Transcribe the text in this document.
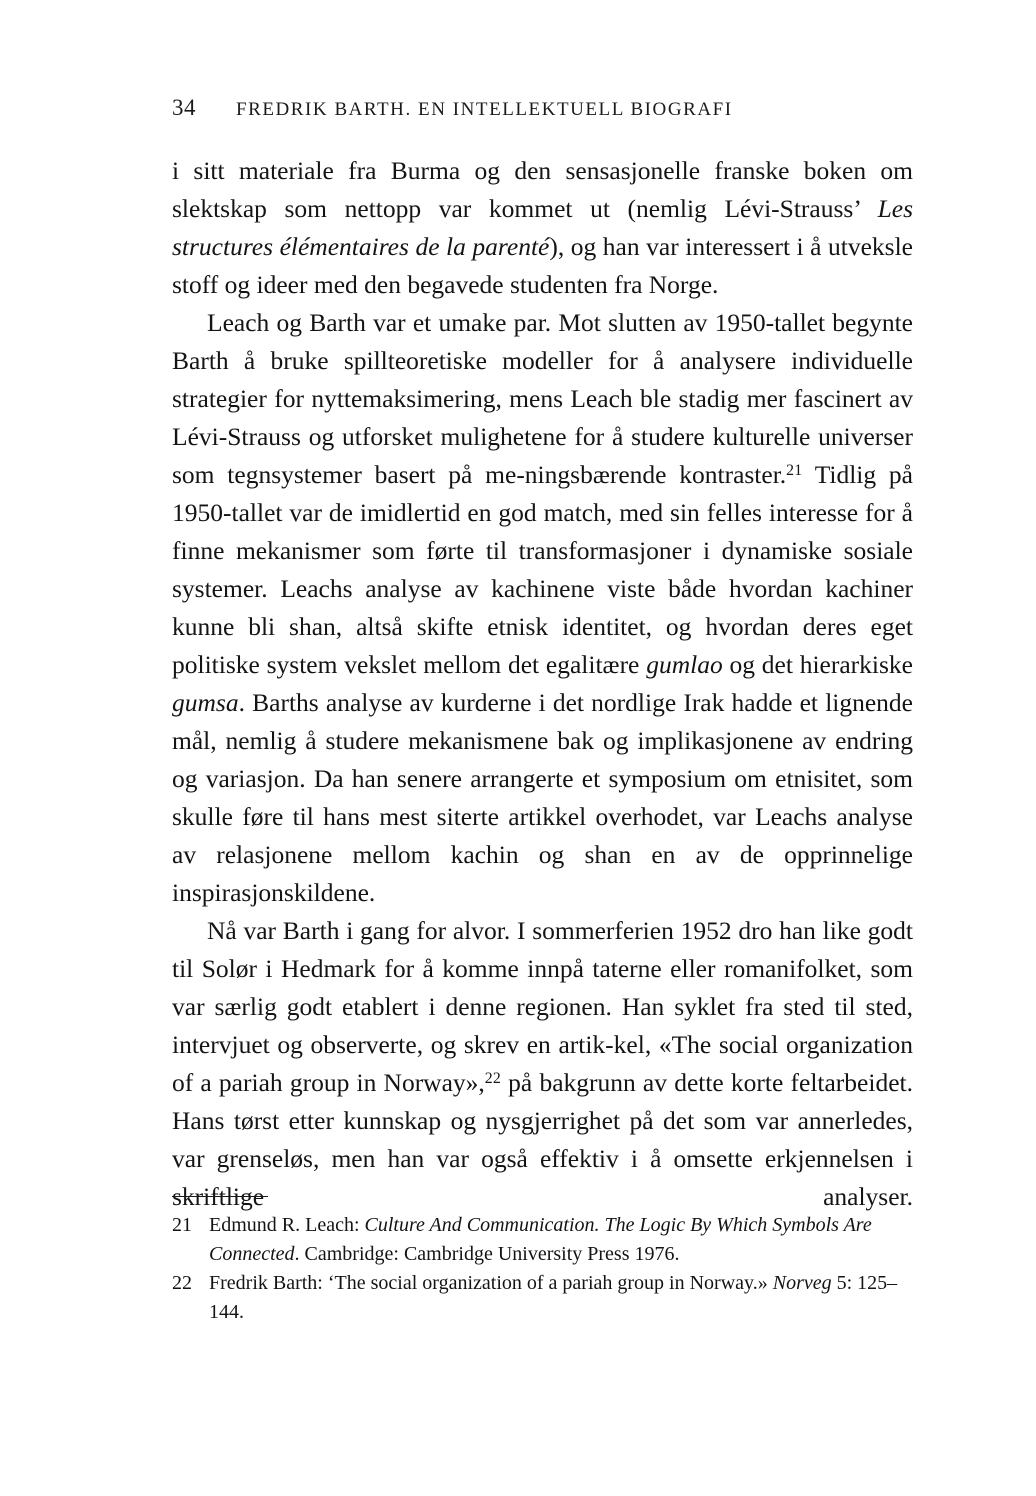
34 FREDRIK BARTH. EN INTELLEKTUELL BIOGRAFI

i sitt materiale fra Burma og den sensasjonelle franske boken om slektskap som nettopp var kommet ut (nemlig Lévi-Strauss’ Les structures élémentaires de la parenté), og han var interessert i å utveksle stoff og ideer med den begavede studenten fra Norge.

Leach og Barth var et umake par. Mot slutten av 1950-tallet begynte Barth å bruke spillteoretiske modeller for å analysere individuelle strategier for nyttemaksimering, mens Leach ble stadig mer fascinert av Lévi-Strauss og utforsket mulighetene for å studere kulturelle universer som tegnsystemer basert på me-ningsbærende kontraster.$^{21}$ Tidlig på 1950-tallet var de imidlertid en god match, med sin felles interesse for å finne mekanismer som førte til transformasjoner i dynamiske sosiale systemer. Leachs analyse av kachinene viste både hvordan kachiner kunne bli shan, altså skifte etnisk identitet, og hvordan deres eget politiske system vekslet mellom det egalitære gumlao og det hierarkiske gumsa. Barths analyse av kurderne i det nordlige Irak hadde et lignende mål, nemlig å studere mekanismene bak og implikasjonene av endring og variasjon. Da han senere arrangerte et symposium om etnisitet, som skulle føre til hans mest siterte artikkel overhodet, var Leachs analyse av relasjonene mellom kachin og shan en av de opprinnelige inspirasjonskildene.

Nå var Barth i gang for alvor. I sommerferien 1952 dro han like godt til Solør i Hedmark for å komme innpå taterne eller romanifolket, som var særlig godt etablert i denne regionen. Han syklet fra sted til sted, intervjuet og observerte, og skrev en artik-kel, «The social organization of a pariah group in Norway»,$^{22}$ på bakgrunn av dette korte feltarbeidet. Hans tørst etter kunnskap og nysgjerrighet på det som var annerledes, var grenseløs, men han var også effektiv i å omsette erkjennelsen i skriftlige analyser.

21 Edmund R. Leach: Culture And Communication. The Logic By Which Symbols Are Connected. Cambridge: Cambridge University Press 1976.
22 Fredrik Barth: ‘The social organization of a pariah group in Norway.» Norveg 5: 125–144.
